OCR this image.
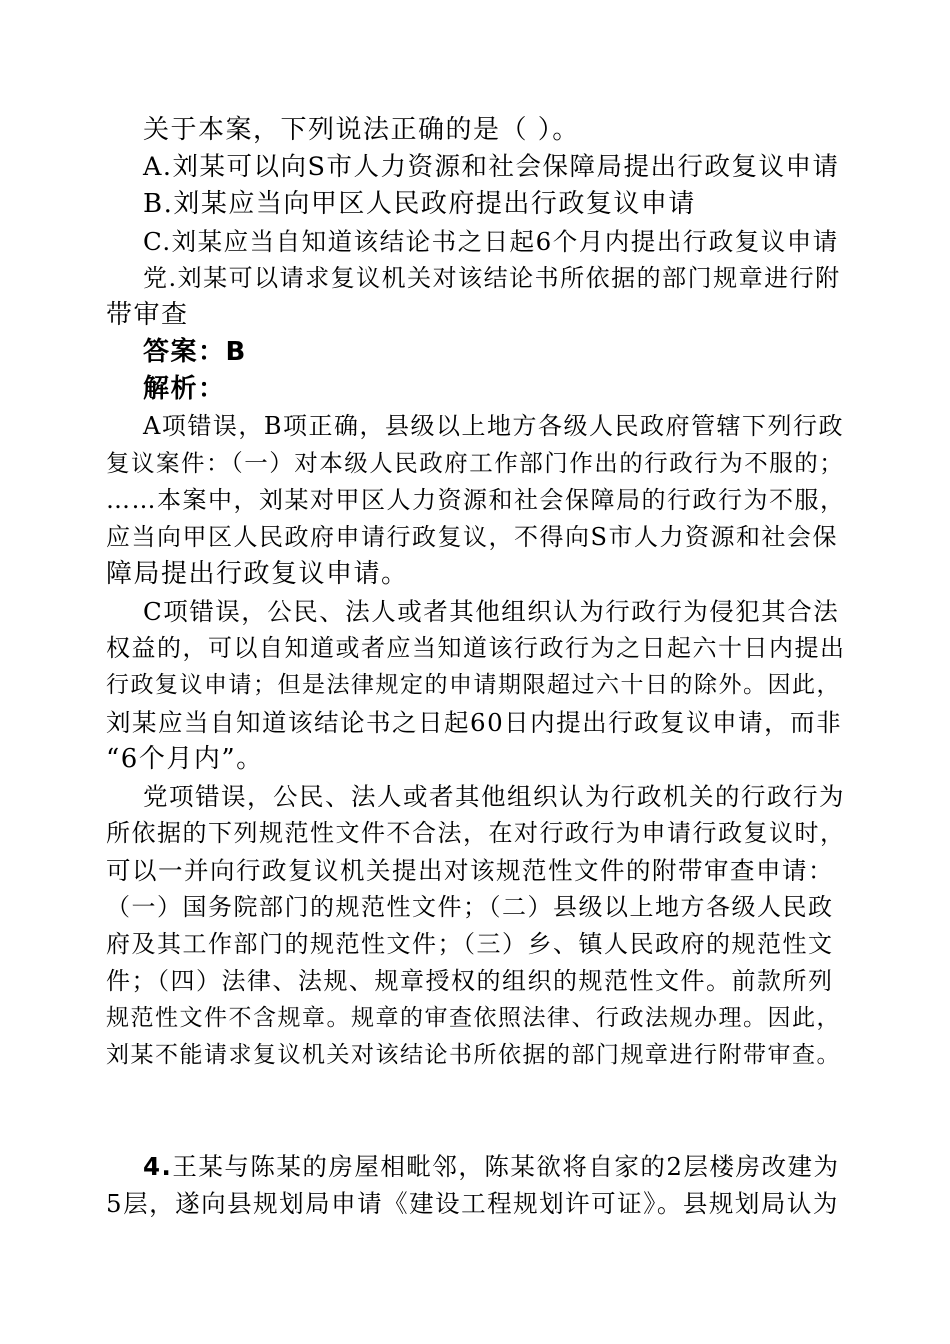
关于本案，下列说法正确的是（ ）。
A.刘某可以向S市人力资源和社会保障局提出行政复议申请
B.刘某应当向甲区人民政府提出行政复议申请
C.刘某应当自知道该结论书之日起6个月内提出行政复议申请
党.刘某可以请求复议机关对该结论书所依据的部门规章进行附
带审查
答案：B
解析：
A项错误，B项正确，县级以上地方各级人民政府管辖下列行政
复议案件：（一）对本级人民政府工作部门作出的行政行为不服的；
……本案中，刘某对甲区人力资源和社会保障局的行政行为不服，
应当向甲区人民政府申请行政复议，不得向S市人力资源和社会保
障局提出行政复议申请。
C项错误，公民、法人或者其他组织认为行政行为侵犯其合法
权益的，可以自知道或者应当知道该行政行为之日起六十日内提出
行政复议申请；但是法律规定的申请期限超过六十日的除外。因此，
刘某应当自知道该结论书之日起60日内提出行政复议申请，而非
“6个月内”。
党项错误，公民、法人或者其他组织认为行政机关的行政行为
所依据的下列规范性文件不合法，在对行政行为申请行政复议时，
可以一并向行政复议机关提出对该规范性文件的附带审查申请：
（一）国务院部门的规范性文件；（二）县级以上地方各级人民政
府及其工作部门的规范性文件；（三）乡、镇人民政府的规范性文
件；（四）法律、法规、规章授权的组织的规范性文件。前款所列
规范性文件不含规章。规章的审查依照法律、行政法规办理。因此，
刘某不能请求复议机关对该结论书所依据的部门规章进行附带审查。
4.王某与陈某的房屋相毗邻，陈某欲将自家的2层楼房改建为
5层，遂向县规划局申请《建设工程规划许可证》。县规划局认为
